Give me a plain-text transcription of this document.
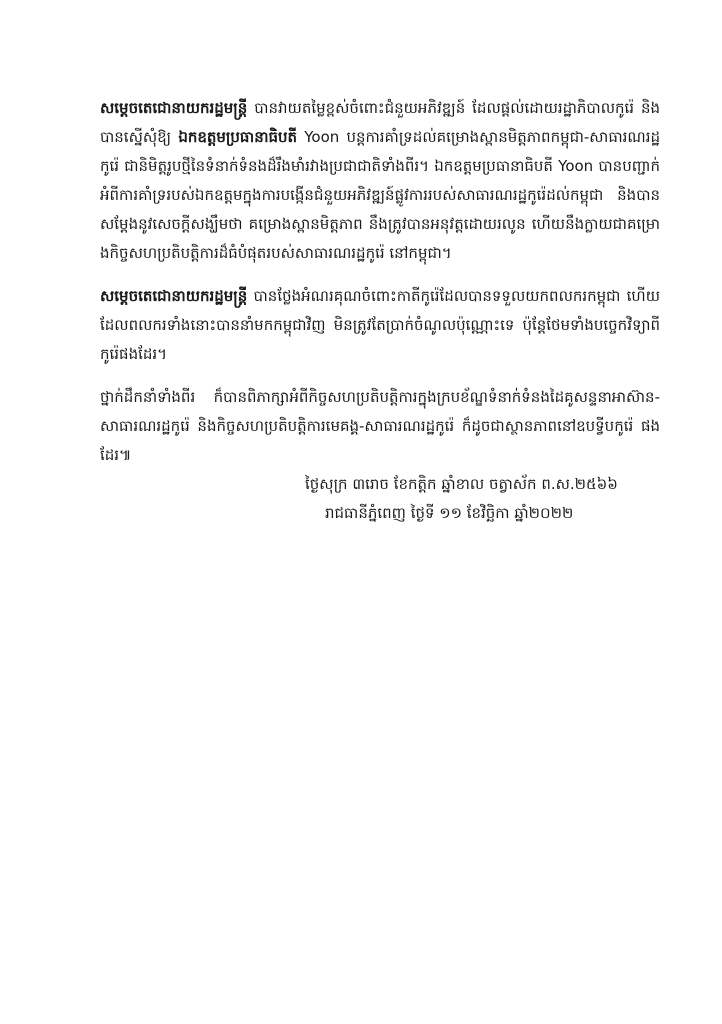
សម្តេចតេជោនាយករដ្ឋមន្ត្រី បានវាយតម្លៃខ្ពស់ចំពោះជំនួយអភិវឌ្ឍន៍ ដែលផ្តល់ដោយរដ្ឋាភិបាលកូរ៉េ និងបានស្នើសុំឱ្យ ឯកឧត្តមប្រធានាធិបតី Yoon បន្តការគាំទ្រដល់គម្រោងស្ពានមិត្តភាពកម្ពុជា-សាធារណរដ្ឋកូរ៉េ ជានិមិត្តរូបថ្មីនៃទំនាក់ទំនងដ៏រឹងមាំរវាងប្រជាជាតិទាំងពីរ។ ឯកឧត្តមប្រធានាធិបតី Yoon បានបញ្ជាក់អំពីការគាំទ្ររបស់ឯកឧត្តមក្នុងការបង្កើនជំនួយអភិវឌ្ឍន៍ផ្លូវការរបស់សាធារណរដ្ឋកូរ៉េដល់កម្ពុជា និងបានសម្តែងនូវសេចក្តីសង្ឃឹមថា គម្រោងស្ពានមិត្តភាព នឹងត្រូវបានអនុវត្តដោយរលូន ហើយនឹងក្លាយជាគម្រោងកិច្ចសហប្រតិបត្តិការដ៏ធំបំផុតរបស់សាធារណរដ្ឋកូរ៉េ នៅកម្ពុជា។

សម្តេចតេជោនាយករដ្ឋមន្ត្រី បានថ្លែងអំណរគុណចំពោះកាតីកូរ៉េដែលបានទទួលយកពលករកម្ពុជា ហើយដែលពលករទាំងនោះបាននាំមកកម្ពុជាវិញ មិនត្រូវតែប្រាក់ចំណូលប៉ុណ្ណោះទេ ប៉ុន្តែថែមទាំងបច្ចេកវិទ្យាពីកូរ៉េផងដែរ។

ថ្នាក់ដឹកនាំទាំងពីរ ក៏បានពិភាក្សាអំពីកិច្ចសហប្រតិបត្តិការក្នុងក្របខ័ណ្ឌទំនាក់ទំនងដៃគូសន្ទនាអាស៊ាន-សាធារណរដ្ឋកូរ៉េ និងកិច្ចសហប្រតិបត្តិការមេគង្គ-សាធារណរដ្ឋកូរ៉េ ក៏ដូចជាស្ថានភាពនៅឧបទ្វីបកូរ៉េ ផងដែរ៕

ថ្ងៃសុក្រ ៣រោច ខែកត្តិក ឆ្នាំខាល ចត្វាស័ក ព.ស.២៥៦៦
រាជធានីភ្នំពេញ ថ្ងៃទី ១១ ខែវិច្ឆិកា ឆ្នាំ២០២២
